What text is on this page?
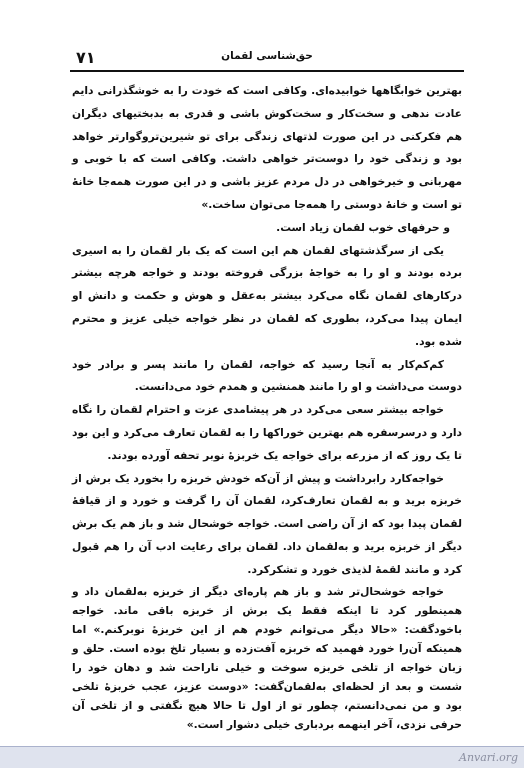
۷۱	حق‌شناسی لقمان

بهترین خوابگاهها خوابیده‌ای. وکافی است که خودت را به خوشگذرانی دایم عادت ندهی و سخت‌کار و سخت‌کوش باشی و قدری به بدبختیهای دیگران هم فکرکنی در این صورت لذتهای زندگی برای تو شیرین‌تروگوارتر خواهد بود و زندگی خود را دوست‌تر خواهی داشت. وکافی است که با خوبی و مهربانی و خیرخواهی در دل مردم عزیز باشی و در این صورت همه‌جا خانهٔ تو است و خانهٔ دوستی را همه‌جا می‌توان ساخت.»

و حرفهای خوب لقمان زیاد است.

یکی از سرگذشتهای لقمان هم این است که یک بار لقمان را به اسیری برده بودند و او را به خواجهٔ بزرگی فروخته بودند و خواجه هرچه بیشتر درکارهای لقمان نگاه می‌کرد بیشتر به‌عقل و هوش و حکمت و دانش او ایمان پیدا می‌کرد، بطوری که لقمان در نظر خواجه خیلی عزیز و محترم شده بود.

کم‌کم‌کار به آنجا رسید که خواجه، لقمان را مانند پسر و برادر خود دوست می‌داشت و او را مانند همنشین و همدم خود می‌دانست.

خواجه بیشتر سعی می‌کرد در هر پیشامدی عزت و احترام لقمان را نگاه دارد و درسرسفره هم بهترین خوراکها را به لقمان تعارف می‌کرد و این بود تا یک روز که از مزرعه برای خواجه یک خربزهٔ نوبر تحفه آورده بودند.

خواجه‌کارد رابرداشت و پیش از آن‌که خودش خربزه را بخورد یک برش از خربزه برید و به لقمان تعارف‌کرد، لقمان آن را گرفت و خورد و از قیافهٔ لقمان پیدا بود که از آن راضی است. خواجه خوشحال شد و باز هم یک برش دیگر از خربزه برید و به‌لقمان داد. لقمان برای رعایت ادب آن را هم قبول کرد و مانند لقمهٔ لذیذی خورد و تشکرکرد.

خواجه خوشحال‌تر شد و باز هم پاره‌ای دیگر از خربزه به‌لقمان داد و همینطور کرد تا اینکه فقط یک برش از خربزه باقی ماند. خواجه باخودگفت: «حالا دیگر می‌توانم خودم هم از این خربزهٔ نوبرکنم.» اما همینکه آن‌را خورد فهمید که خربزه آفت‌زده و بسیار تلخ بوده است. حلق و زبان خواجه از تلخی خربزه سوخت و خیلی ناراحت شد و دهان خود را شست و بعد از لحظه‌ای به‌لقمان‌گفت: «دوست عزیز، عجب خربزهٔ تلخی بود و من نمی‌دانستم، چطور تو از اول تا حالا هیچ نگفتی و از تلخی آن حرفی نزدی، آخر اینهمه بردباری خیلی دشوار است.»

Anvari.org
